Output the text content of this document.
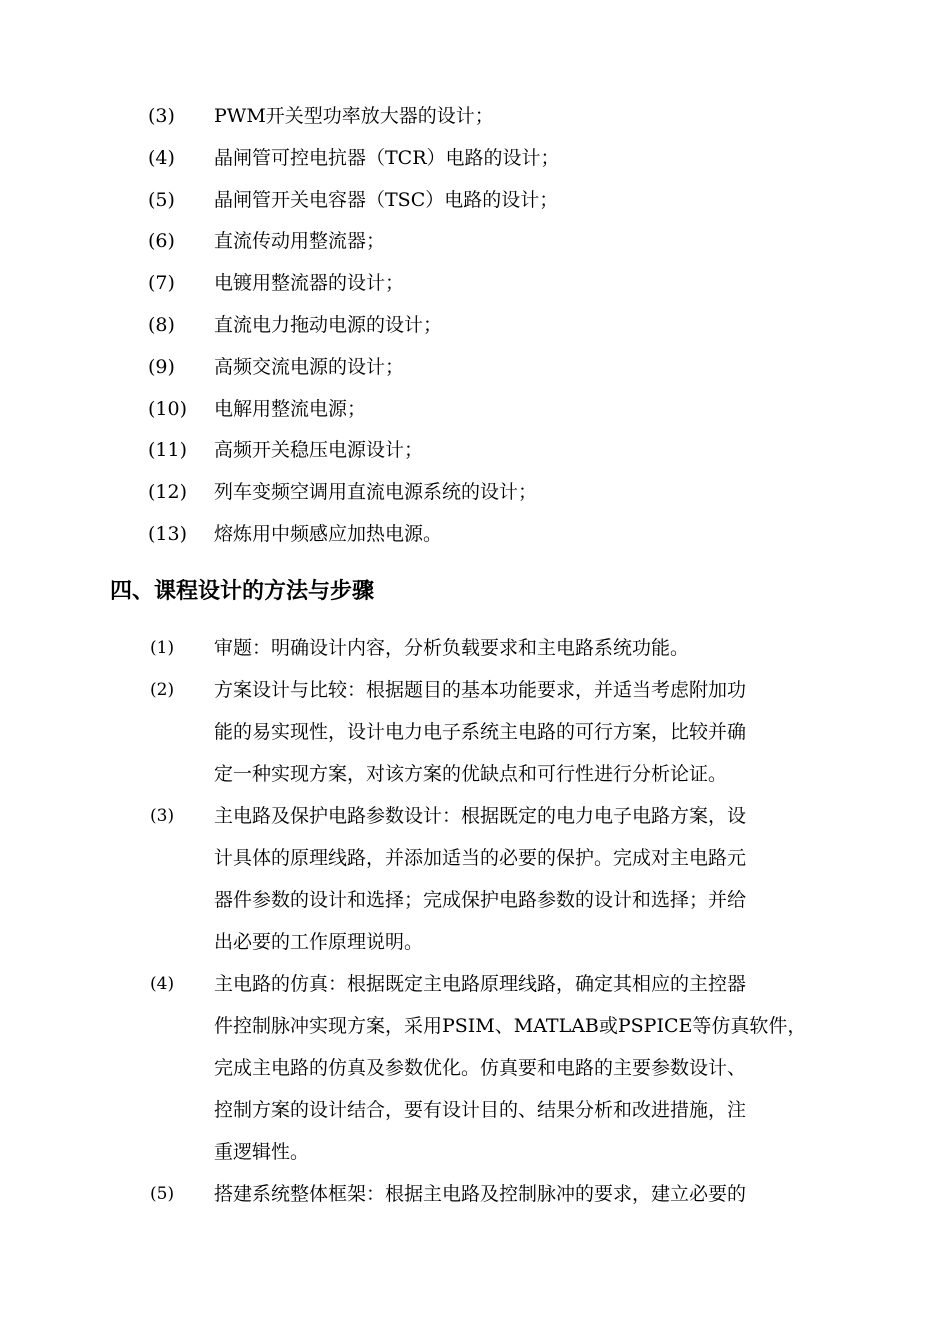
(3) PWM开关型功率放大器的设计；
(4) 晶闸管可控电抗器（TCR）电路的设计；
(5) 晶闸管开关电容器（TSC）电路的设计；
(6) 直流传动用整流器；
(7) 电镀用整流器的设计；
(8) 直流电力拖动电源的设计；
(9) 高频交流电源的设计；
(10) 电解用整流电源；
(11) 高频开关稳压电源设计；
(12) 列车变频空调用直流电源系统的设计；
(13) 熔炼用中频感应加热电源。
四、课程设计的方法与步骤
(1) 审题：明确设计内容，分析负载要求和主电路系统功能。
(2) 方案设计与比较：根据题目的基本功能要求，并适当考虑附加功
能的易实现性，设计电力电子系统主电路的可行方案，比较并确
定一种实现方案，对该方案的优缺点和可行性进行分析论证。
(3) 主电路及保护电路参数设计：根据既定的电力电子电路方案，设
计具体的原理线路，并添加适当的必要的保护。完成对主电路元
器件参数的设计和选择；完成保护电路参数的设计和选择；并给
出必要的工作原理说明。
(4) 主电路的仿真：根据既定主电路原理线路，确定其相应的主控器
件控制脉冲实现方案，采用PSIM、MATLAB或PSPICE等仿真软件，
完成主电路的仿真及参数优化。仿真要和电路的主要参数设计、
控制方案的设计结合，要有设计目的、结果分析和改进措施，注
重逻辑性。
(5) 搭建系统整体框架：根据主电路及控制脉冲的要求，建立必要的
